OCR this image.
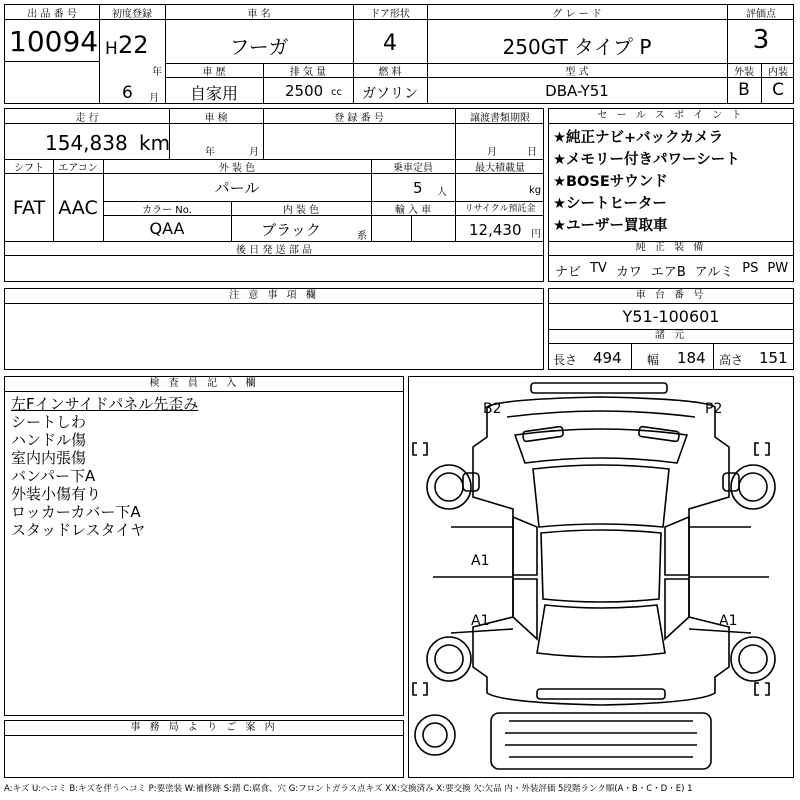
出 品 番 号
10094
初度登録
H 22
年
6 月
車 名
フーガ
ドア形状
4
グ レ ー ド
250GT タイプ P
評価点
3
車 歴
自家用
排 気 量
2500 cc
燃 料
ガソリン
型 式
DBA-Y51
外装
B
内装
C
走 行
154,838 km
車 検
年	月
登 録 番 号	譲渡書類期限
月	日
シフト
FAT
エアコン
AAC
外 装 色
パール
乗車定員
5 人
最大積載量
kg
カラー No.
QAA
内 装 色
ブラック	系
輸 入 車	リサイクル預託金
12,430 円
後 日 発 送 部 品
セ ー ル ス ポ イ ン ト
★純正ナビ+バックカメラ
★メモリー付きパワーシート
★BOSEサウンド
★シートヒーター
★ユーザー買取車
純 正 装 備
ナビ TV カワ エアB アルミ PS PW
注 意 事 項 欄	車 台 番 号
Y51-100601
諸 元
長さ 494 幅 184 高さ 151
検 査 員 記 入 欄
左Fインサイドパネル先歪み
シートしわ
ハンドル傷
室内内張傷
バンパー下A
外装小傷有り
ロッカーカバー下A
スタッドレスタイヤ
事 務 局 よ り ご 案 内
B2	P2
A1
A1	A1
A:キズ U:ヘコミ B:キズを伴うヘコミ P:要塗装 W:補修跡 S:錆 C:腐食、穴 G:フロントガラス点キズ XX:交換済み X:要交換 欠:欠品 内・外装評価 5段階ランク順(A・B・C・D・E) 1
